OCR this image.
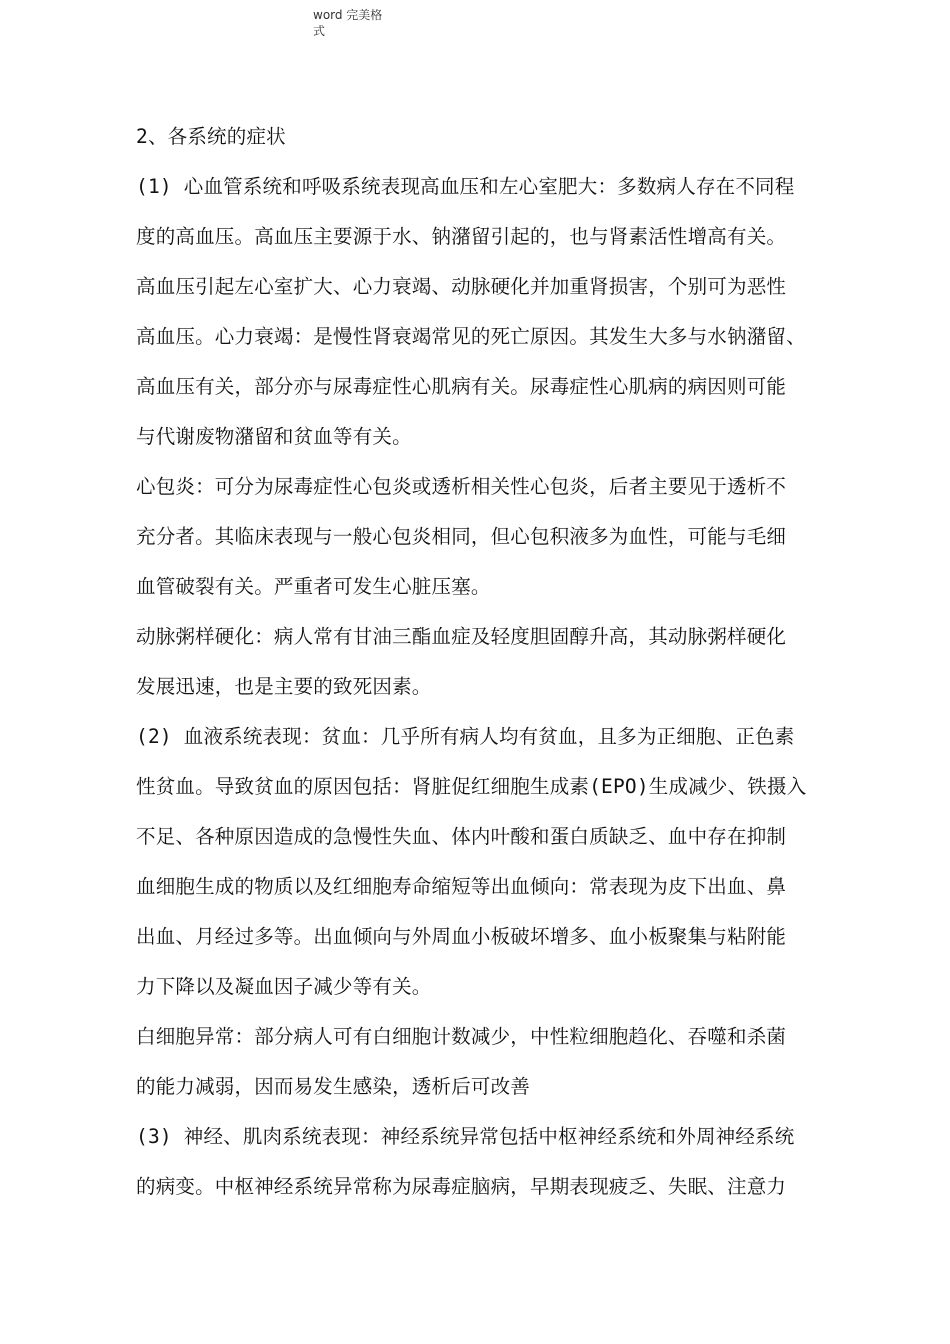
word 完美格
式
2、各系统的症状
(1) 心血管系统和呼吸系统表现高血压和左心室肥大：多数病人存在不同程
度的高血压。高血压主要源于水、钠潴留引起的，也与肾素活性增高有关。
高血压引起左心室扩大、心力衰竭、动脉硬化并加重肾损害，个别可为恶性
高血压。心力衰竭：是慢性肾衰竭常见的死亡原因。其发生大多与水钠潴留、
高血压有关，部分亦与尿毒症性心肌病有关。尿毒症性心肌病的病因则可能
与代谢废物潴留和贫血等有关。
心包炎：可分为尿毒症性心包炎或透析相关性心包炎，后者主要见于透析不
充分者。其临床表现与一般心包炎相同，但心包积液多为血性，可能与毛细
血管破裂有关。严重者可发生心脏压塞。
动脉粥样硬化：病人常有甘油三酯血症及轻度胆固醇升高，其动脉粥样硬化
发展迅速，也是主要的致死因素。
(2) 血液系统表现：贫血：几乎所有病人均有贫血，且多为正细胞、正色素
性贫血。导致贫血的原因包括：肾脏促红细胞生成素(EPO)生成减少、铁摄入
不足、各种原因造成的急慢性失血、体内叶酸和蛋白质缺乏、血中存在抑制
血细胞生成的物质以及红细胞寿命缩短等出血倾向：常表现为皮下出血、鼻
出血、月经过多等。出血倾向与外周血小板破坏增多、血小板聚集与粘附能
力下降以及凝血因子减少等有关。
白细胞异常：部分病人可有白细胞计数减少，中性粒细胞趋化、吞噬和杀菌
的能力减弱，因而易发生感染，透析后可改善
(3) 神经、肌肉系统表现：神经系统异常包括中枢神经系统和外周神经系统
的病变。中枢神经系统异常称为尿毒症脑病，早期表现疲乏、失眠、注意力
